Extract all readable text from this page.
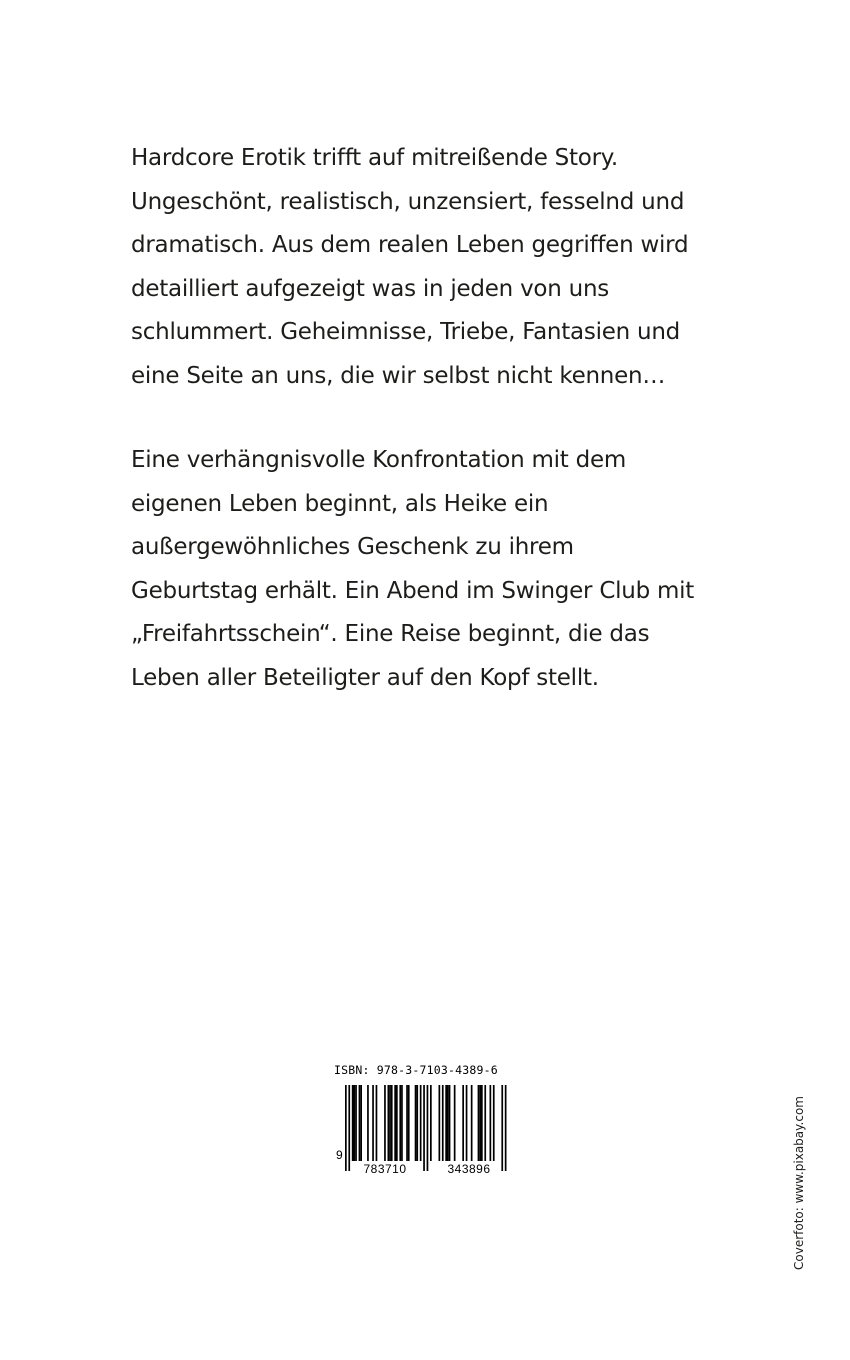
Hardcore Erotik trifft auf mitreißende Story.
Ungeschönt, realistisch, unzensiert, fesselnd und
dramatisch. Aus dem realen Leben gegriffen wird
detailliert aufgezeigt was in jeden von uns
schlummert. Geheimnisse, Triebe, Fantasien und
eine Seite an uns, die wir selbst nicht kennen…
Eine verhängnisvolle Konfrontation mit dem
eigenen Leben beginnt, als Heike ein
außergewöhnliches Geschenk zu ihrem
Geburtstag erhält. Ein Abend im Swinger Club mit
„Freifahrtsschein“. Eine Reise beginnt, die das
Leben aller Beteiligter auf den Kopf stellt.
ISBN: 978-3-7103-4389-6
9
783710	343896	Coverfoto: www.pixabay.com
